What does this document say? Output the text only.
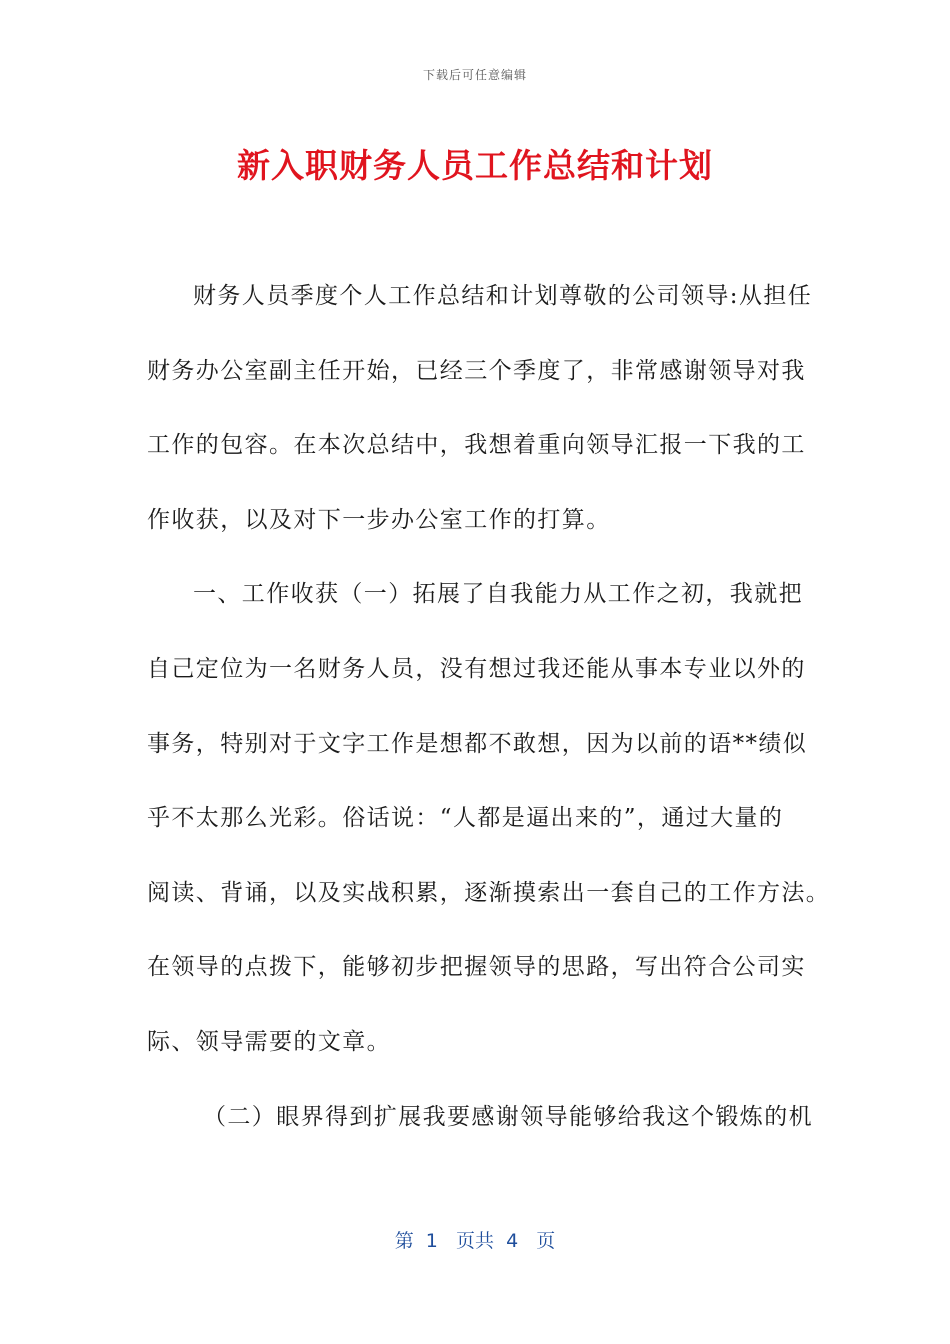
下载后可任意编辑
新入职财务人员工作总结和计划
财务人员季度个人工作总结和计划尊敬的公司领导:从担任
财务办公室副主任开始，已经三个季度了，非常感谢领导对我
工作的包容。在本次总结中，我想着重向领导汇报一下我的工
作收获，以及对下一步办公室工作的打算。
一、工作收获（一）拓展了自我能力从工作之初，我就把
自己定位为一名财务人员，没有想过我还能从事本专业以外的
事务，特别对于文字工作是想都不敢想，因为以前的语**绩似
乎不太那么光彩。俗话说：“人都是逼出来的”，通过大量的
阅读、背诵，以及实战积累，逐渐摸索出一套自己的工作方法。
在领导的点拨下，能够初步把握领导的思路，写出符合公司实
际、领导需要的文章。
（二）眼界得到扩展我要感谢领导能够给我这个锻炼的机
第  1   页共  4   页
